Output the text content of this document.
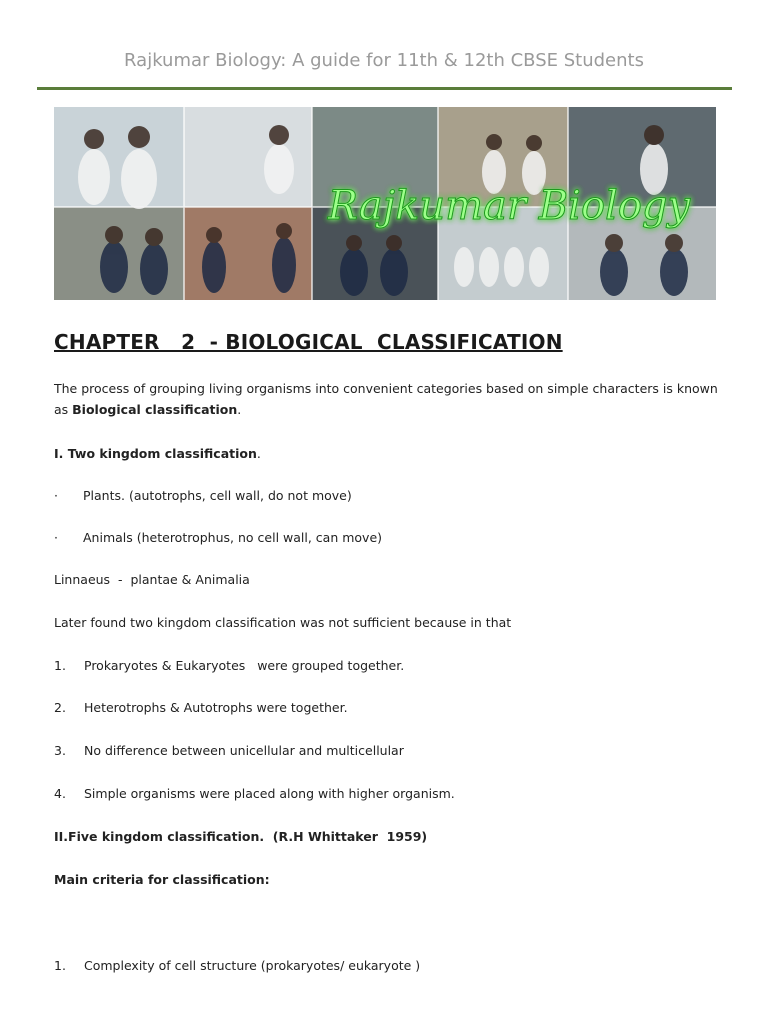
Rajkumar Biology: A guide for 11th & 12th CBSE Students
Rajkumar Biology
CHAPTER   2  - BIOLOGICAL  CLASSIFICATION
The process of grouping living organisms into convenient categories based on simple characters is known as Biological classification.
I. Two kingdom classification.
· Plants. (autotrophs, cell wall, do not move)
· Animals (heterotrophus, no cell wall, can move)
Linnaeus  -  plantae & Animalia
Later found two kingdom classification was not sufficient because in that
1. Prokaryotes & Eukaryotes   were grouped together.
2. Heterotrophs & Autotrophs were together.
3. No difference between unicellular and multicellular
4. Simple organisms were placed along with higher organism.
II.Five kingdom classification.  (R.H Whittaker  1959)
Main criteria for classification:
1. Complexity of cell structure (prokaryotes/ eukaryote )
